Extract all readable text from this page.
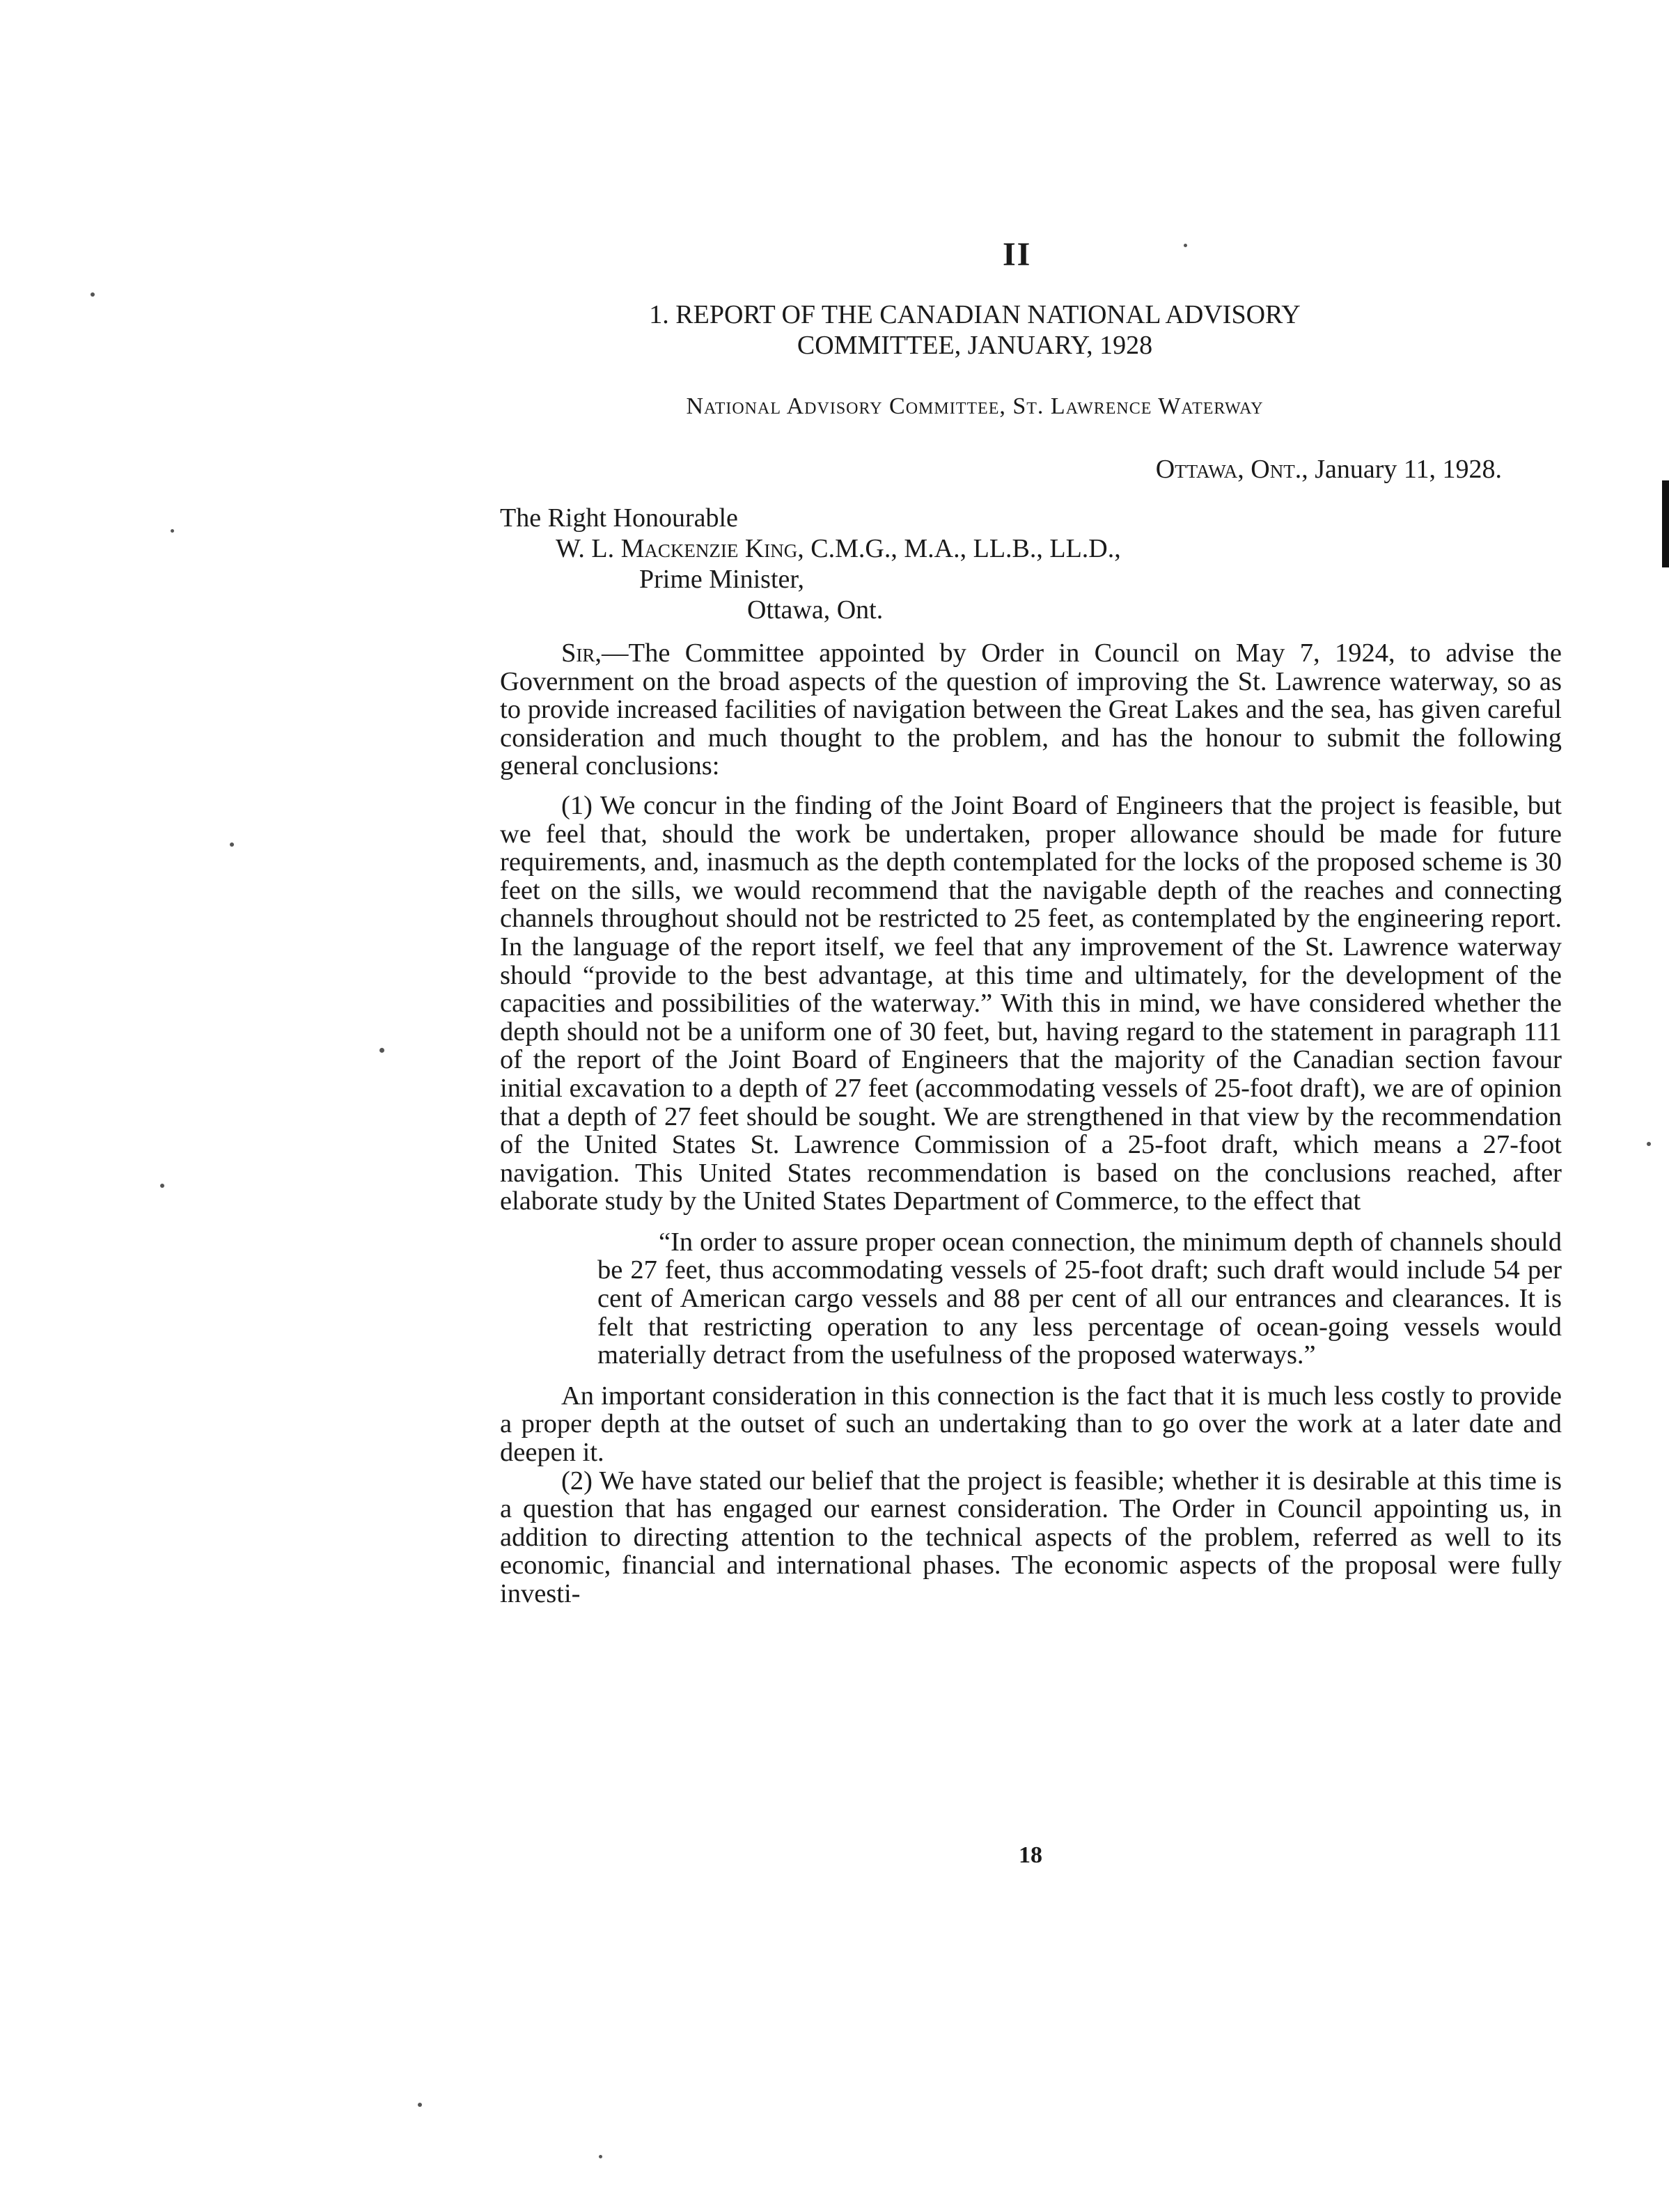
II
1. REPORT OF THE CANADIAN NATIONAL ADVISORY
COMMITTEE, JANUARY, 1928
National Advisory Committee, St. Lawrence Waterway
Ottawa, Ont., January 11, 1928.
The Right Honourable
W. L. Mackenzie King, C.M.G., M.A., LL.B., LL.D.,
Prime Minister,
Ottawa, Ont.

Sir,—The Committee appointed by Order in Council on May 7, 1924, to advise the Government on the broad aspects of the question of improving the St. Lawrence waterway, so as to provide increased facilities of navigation between the Great Lakes and the sea, has given careful consideration and much thought to the problem, and has the honour to submit the following general conclusions:

(1) We concur in the finding of the Joint Board of Engineers that the project is feasible, but we feel that, should the work be undertaken, proper allowance should be made for future requirements, and, inasmuch as the depth contemplated for the locks of the proposed scheme is 30 feet on the sills, we would recommend that the navigable depth of the reaches and connecting channels throughout should not be restricted to 25 feet, as contemplated by the engineering report. In the language of the report itself, we feel that any improvement of the St. Lawrence waterway should “provide to the best advantage, at this time and ultimately, for the development of the capacities and possibilities of the waterway.” With this in mind, we have considered whether the depth should not be a uniform one of 30 feet, but, having regard to the statement in paragraph 111 of the report of the Joint Board of Engineers that the majority of the Canadian section favour initial excavation to a depth of 27 feet (accommodating vessels of 25-foot draft), we are of opinion that a depth of 27 feet should be sought. We are strengthened in that view by the recommendation of the United States St. Lawrence Commission of a 25-foot draft, which means a 27-foot navigation. This United States recommendation is based on the conclusions reached, after elaborate study by the United States Department of Commerce, to the effect that

“In order to assure proper ocean connection, the minimum depth of channels should be 27 feet, thus accommodating vessels of 25-foot draft; such draft would include 54 per cent of American cargo vessels and 88 per cent of all our entrances and clearances. It is felt that restricting operation to any less percentage of ocean-going vessels would materially detract from the usefulness of the proposed waterways.”

An important consideration in this connection is the fact that it is much less costly to provide a proper depth at the outset of such an undertaking than to go over the work at a later date and deepen it.

(2) We have stated our belief that the project is feasible; whether it is desirable at this time is a question that has engaged our earnest consideration. The Order in Council appointing us, in addition to directing attention to the technical aspects of the problem, referred as well to its economic, financial and international phases. The economic aspects of the proposal were fully investi-

18
